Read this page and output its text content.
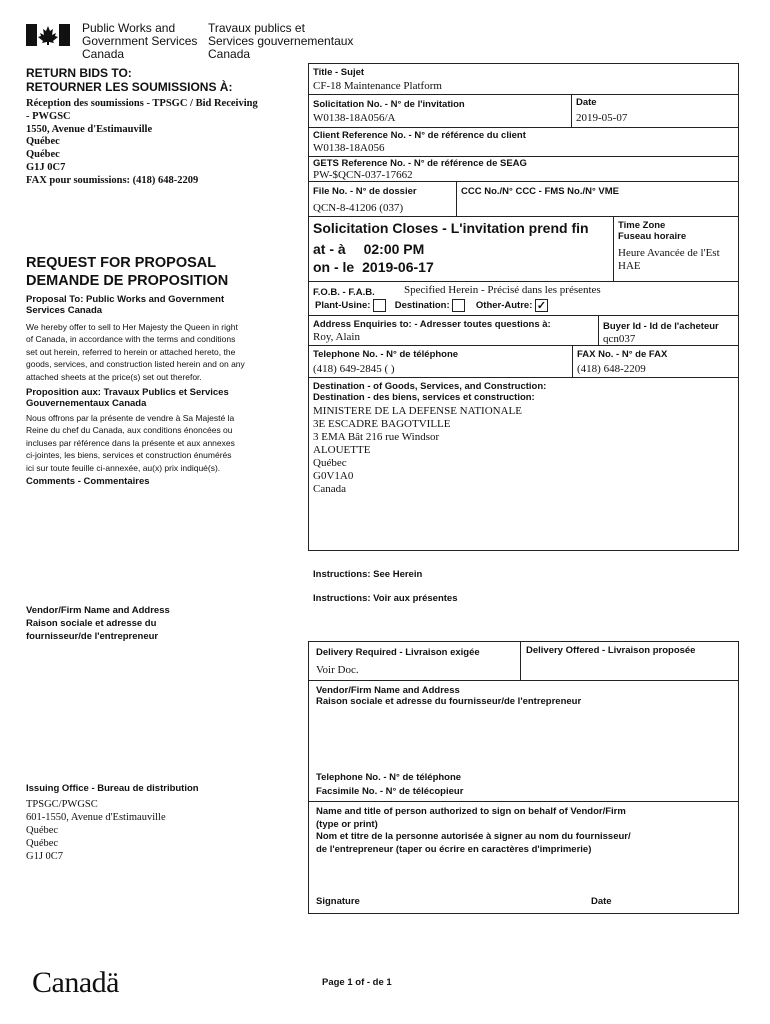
Public Works and
Government Services
Canada
Travaux publics et
Services gouvernementaux
Canada
RETURN BIDS TO:
RETOURNER LES SOUMISSIONS À:
Réception des soumissions - TPSGC / Bid Receiving
- PWGSC
1550, Avenue d'Estimauville
Québec
Québec
G1J 0C7
FAX pour soumissions: (418) 648-2209
REQUEST FOR PROPOSAL
DEMANDE DE PROPOSITION
Proposal To: Public Works and Government
Services Canada
We hereby offer to sell to Her Majesty the Queen in right
of Canada, in accordance with the terms and conditions
set out herein, referred to herein or attached hereto, the
goods, services, and construction listed herein and on any
attached sheets at the price(s) set out therefor.
Proposition aux: Travaux Publics et Services
Gouvernementaux Canada
Nous offrons par la présente de vendre à Sa Majesté la
Reine du chef du Canada, aux conditions énoncées ou
incluses par référence dans la présente et aux annexes
ci-jointes, les biens, services et construction énumérés
ici sur toute feuille ci-annexée, au(x) prix indiqué(s).
Comments - Commentaires
Vendor/Firm Name and Address
Raison sociale et adresse du
fournisseur/de l'entrepreneur
Issuing Office - Bureau de distribution
TPSGC/PWGSC
601-1550, Avenue d'Estimauville
Québec
Québec
G1J 0C7
Title - Sujet
CF-18 Maintenance Platform
Solicitation No. - N° de l'invitation
W0138-18A056/A
Date
2019-05-07
Client Reference No. - N° de référence du client
W0138-18A056
GETS Reference No. - N° de référence de SEAG
PW-$QCN-037-17662
File No. - N° de dossier
QCN-8-41206 (037)
CCC No./N° CCC - FMS No./N° VME
Solicitation Closes - L'invitation prend fin
at - à 02:00 PM
on - le 2019-06-17
Time Zone
Fuseau horaire
Heure Avancée de l'Est
HAE
F.O.B. - F.A.B.	Specified Herein - Précisé dans les présentes
Plant-Usine:	Destination:	Other-Autre: ✓
Address Enquiries to: - Adresser toutes questions à:
Roy, Alain
Buyer Id - Id de l'acheteur
qcn037
Telephone No. - N° de téléphone
(418) 649-2845 ( )
FAX No. - N° de FAX
(418) 648-2209
Destination - of Goods, Services, and Construction:
Destination - des biens, services et construction:
MINISTERE DE LA DEFENSE NATIONALE
3E ESCADRE BAGOTVILLE
3 EMA Bât 216 rue Windsor
ALOUETTE
Québec
G0V1A0
Canada
Instructions: See Herein
Instructions: Voir aux présentes
Delivery Required - Livraison exigée
Voir Doc.
Delivery Offered - Livraison proposée
Vendor/Firm Name and Address
Raison sociale et adresse du fournisseur/de l'entrepreneur
Telephone No. - N° de téléphone
Facsimile No. - N° de télécopieur
Name and title of person authorized to sign on behalf of Vendor/Firm
(type or print)
Nom et titre de la personne autorisée à signer au nom du fournisseur/
de l'entrepreneur (taper ou écrire en caractères d'imprimerie)
Signature	Date
Canadä	Page 1 of - de 1
